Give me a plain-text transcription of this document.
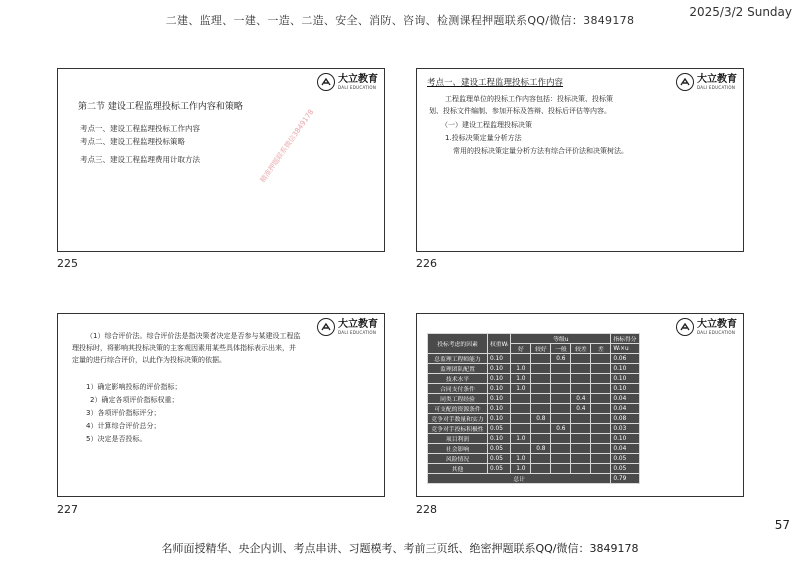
二建、监理、一建、一造、二造、安全、消防、咨询、检测课程押题联系QQ/微信：3849178
2025/3/2 Sunday
大立教育
DALI EDUCATION
第二节 建设工程监理投标工作内容和策略
考点一、建设工程监理投标工作内容
考点二、建设工程监理投标策略
考点三、建设工程监理费用计取方法	精准押题联系微信3849178
225
大立教育
DALI EDUCATION
考点一、建设工程监理投标工作内容
工程监理单位的投标工作内容包括：投标决策、投标策
划、投标文件编制、参加开标及答辩、投标后评估等内容。
（一）建设工程监理投标决策
1.投标决策定量分析方法
常用的投标决策定量分析方法有综合评价法和决策树法。
226
大立教育
DALI EDUCATION
（1）综合评价法。综合评价法是指决策者决定是否参与某建设工程监理投标时，将影响其投标决策的主客观因素用某些具体指标表示出来，并定量的进行综合评价，以此作为投标决策的依据。
1）确定影响投标的评价指标；
2）确定各项评价指标权重；
3）各项评价指标评分；
4）计算综合评价总分；
5）决定是否投标。
227
大立教育
DALI EDUCATION
投标考虑的因素	权重Wᵢ	等级u					指标得分
		好	较好	一般	较差	差	Wᵢ×u
总监理工程师能力	0.10			0.6			0.06
监理团队配置	0.10	1.0					0.10
技术水平	0.10	1.0					0.10
合同支付条件	0.10	1.0					0.10
同类工程经验	0.10				0.4		0.04
可支配的资源条件	0.10				0.4		0.04
竞争对手数量和实力	0.10		0.8				0.08
竞争对手投标积极性	0.05			0.6			0.03
项目利润	0.10	1.0					0.10
社会影响	0.05		0.8				0.04
风险情况	0.05	1.0					0.05
其他	0.05	1.0					0.05
总计							0.79
228
57
名师面授精华、央企内训、考点串讲、习题模考、考前三页纸、绝密押题联系QQ/微信：3849178
